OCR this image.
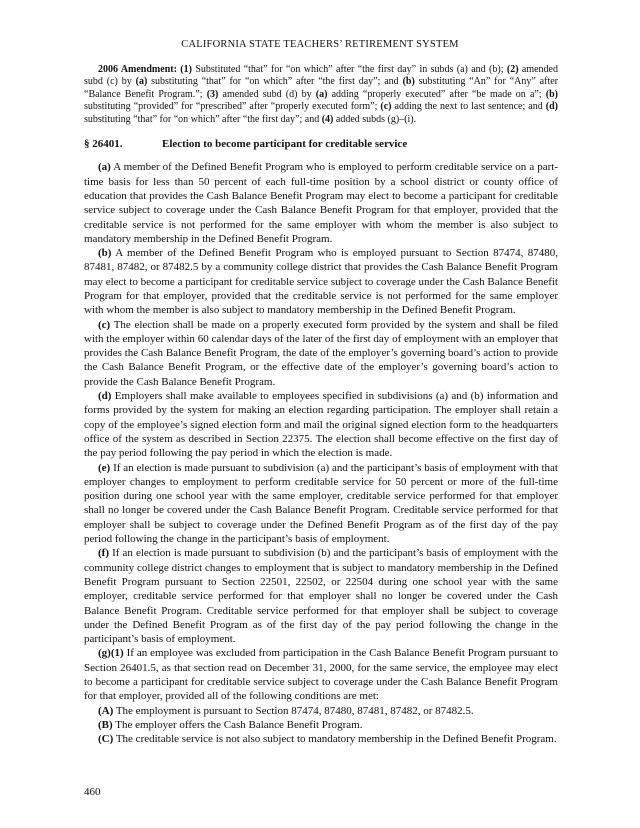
CALIFORNIA STATE TEACHERS’ RETIREMENT SYSTEM

2006 Amendment: (1) Substituted “that” for “on which” after “the first day” in subds (a) and (b); (2) amended subd (c) by (a) substituting “that” for “on which” after “the first day”; and (b) substituting “An” for “Any” after “Balance Benefit Program.”; (3) amended subd (d) by (a) adding “properly executed” after “be made on a”; (b) substituting “provided” for “prescribed” after “properly executed form”; (c) adding the next to last sentence; and (d) substituting “that” for “on which” after “the first day”; and (4) added subds (g)–(i).

§ 26401.	Election to become participant for creditable service

(a) A member of the Defined Benefit Program who is employed to perform creditable service on a part-time basis for less than 50 percent of each full-time position by a school district or county office of education that provides the Cash Balance Benefit Program may elect to become a participant for creditable service subject to coverage under the Cash Balance Benefit Program for that employer, provided that the creditable service is not performed for the same employer with whom the member is also subject to mandatory membership in the Defined Benefit Program.

(b) A member of the Defined Benefit Program who is employed pursuant to Section 87474, 87480, 87481, 87482, or 87482.5 by a community college district that provides the Cash Balance Benefit Program may elect to become a participant for creditable service subject to coverage under the Cash Balance Benefit Program for that employer, provided that the creditable service is not performed for the same employer with whom the member is also subject to mandatory membership in the Defined Benefit Program.

(c) The election shall be made on a properly executed form provided by the system and shall be filed with the employer within 60 calendar days of the later of the first day of employment with an employer that provides the Cash Balance Benefit Program, the date of the employer’s governing board’s action to provide the Cash Balance Benefit Program, or the effective date of the employer’s governing board’s action to provide the Cash Balance Benefit Program.

(d) Employers shall make available to employees specified in subdivisions (a) and (b) information and forms provided by the system for making an election regarding participation. The employer shall retain a copy of the employee’s signed election form and mail the original signed election form to the headquarters office of the system as described in Section 22375. The election shall become effective on the first day of the pay period following the pay period in which the election is made.

(e) If an election is made pursuant to subdivision (a) and the participant’s basis of employment with that employer changes to employment to perform creditable service for 50 percent or more of the full-time position during one school year with the same employer, creditable service performed for that employer shall no longer be covered under the Cash Balance Benefit Program. Creditable service performed for that employer shall be subject to coverage under the Defined Benefit Program as of the first day of the pay period following the change in the participant’s basis of employment.

(f) If an election is made pursuant to subdivision (b) and the participant’s basis of employment with the community college district changes to employment that is subject to mandatory membership in the Defined Benefit Program pursuant to Section 22501, 22502, or 22504 during one school year with the same employer, creditable service performed for that employer shall no longer be covered under the Cash Balance Benefit Program. Creditable service performed for that employer shall be subject to coverage under the Defined Benefit Program as of the first day of the pay period following the change in the participant’s basis of employment.

(g)(1) If an employee was excluded from participation in the Cash Balance Benefit Program pursuant to Section 26401.5, as that section read on December 31, 2000, for the same service, the employee may elect to become a participant for creditable service subject to coverage under the Cash Balance Benefit Program for that employer, provided all of the following conditions are met:

(A) The employment is pursuant to Section 87474, 87480, 87481, 87482, or 87482.5.

(B) The employer offers the Cash Balance Benefit Program.

(C) The creditable service is not also subject to mandatory membership in the Defined Benefit Program.

460
